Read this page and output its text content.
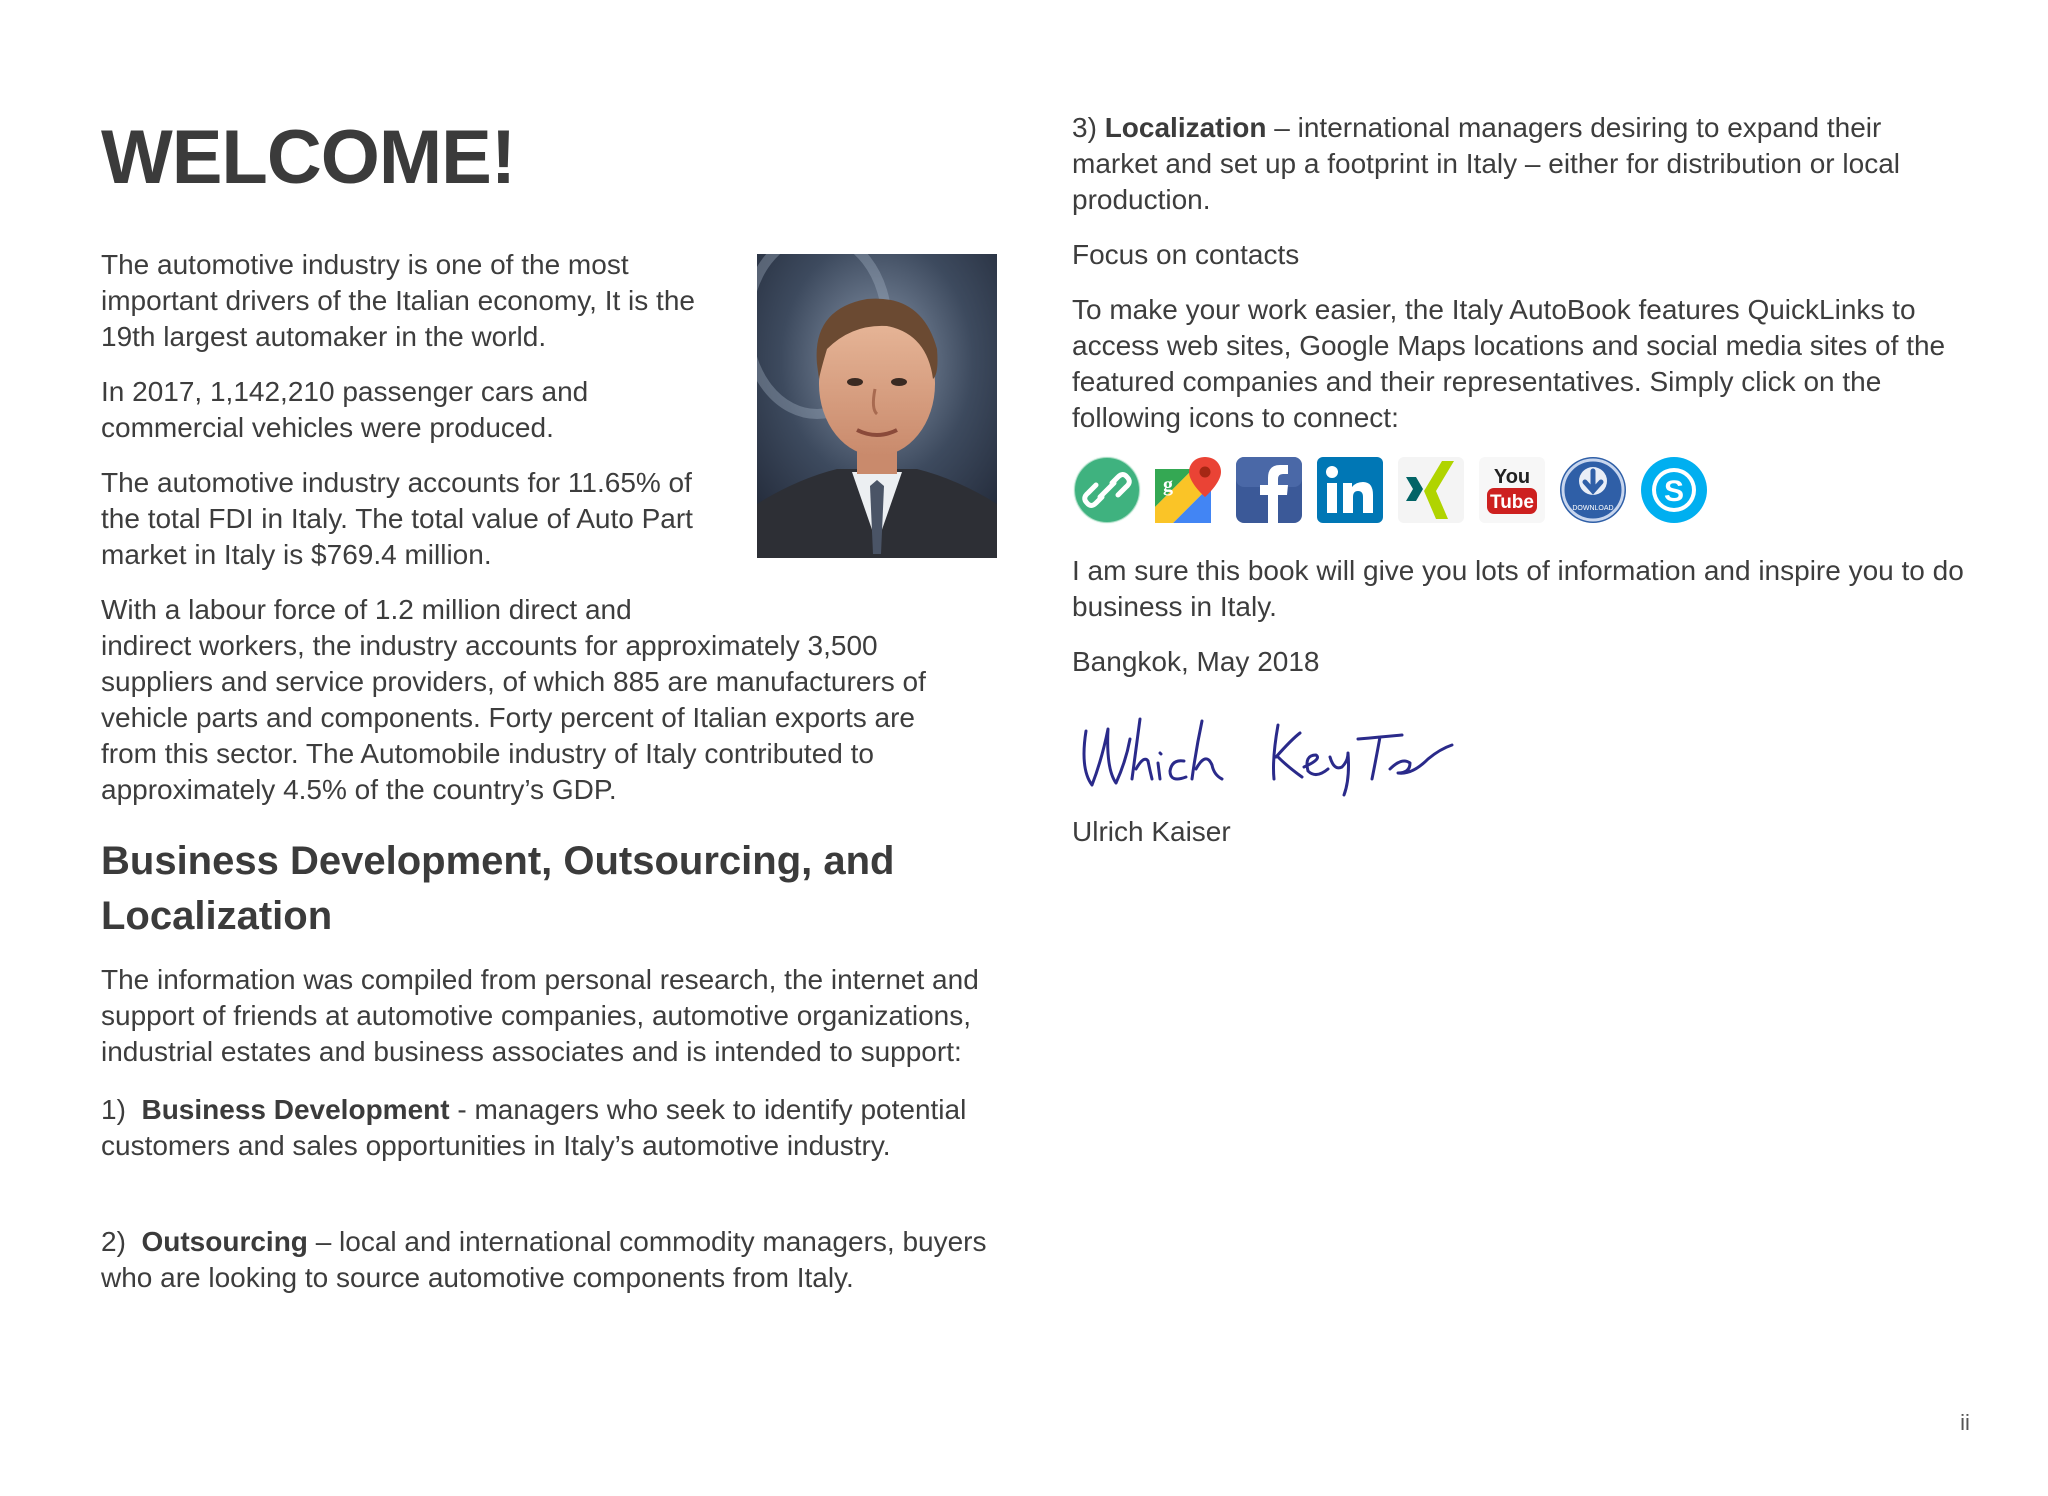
WELCOME!

The automotive industry is one of the most important drivers of the Italian economy, It is the 19th largest automaker in the world.

In 2017, 1,142,210 passenger cars and commercial vehicles were produced.

The automotive industry accounts for 11.65% of the total FDI in Italy. The total value of Auto Part market in Italy is $769.4 million.

With a labour force of 1.2 million direct and

indirect workers, the industry accounts for approximately 3,500 suppliers and service providers, of which 885 are manufacturers of vehicle parts and components. Forty percent of Italian exports are from this sector. The Automobile industry of Italy contributed to approximately 4.5% of the country’s GDP.

Business Development, Outsourcing, and Localization

The information was compiled from personal research, the internet and support of friends at automotive companies, automotive organizations, industrial estates and business associates and is intended to support:

1) Business Development - managers who seek to identify potential customers and sales opportunities in Italy’s automotive industry.

2) Outsourcing – local and international commodity managers, buyers who are looking to source automotive components from Italy.

3) Localization – international managers desiring to expand their market and set up a footprint in Italy – either for distribution or local production.

Focus on contacts

To make your work easier, the Italy AutoBook features QuickLinks to access web sites, Google Maps locations and social media sites of the featured companies and their representatives. Simply click on the following icons to connect:

g	You
Tube	DOWNLOAD
S

I am sure this book will give you lots of information and inspire you to do business in Italy.

Bangkok, May 2018

Ulrich Kaiser

ii
